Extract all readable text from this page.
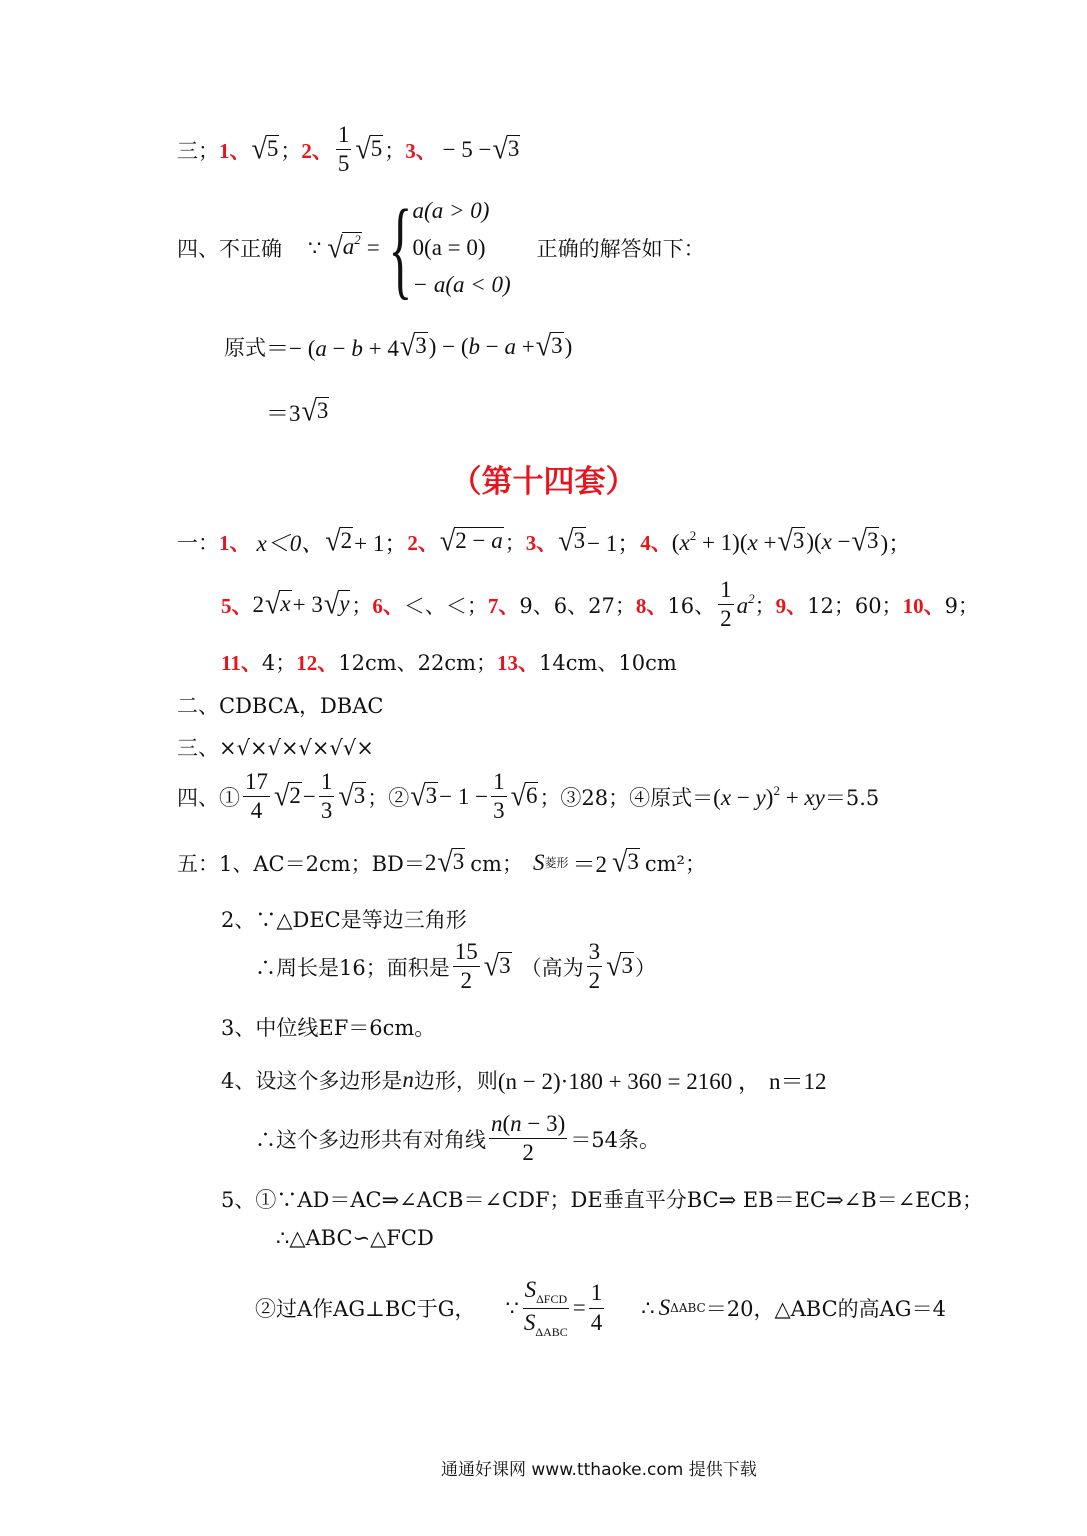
三； 1、 √ 5 ； 2、 $\frac{1}{5}$ √ 5 ； 3、 − 5 − √ 3
四、不正确 ∵ √ $a^2$ = { a(a > 0)
0(a = 0)
− a(a < 0)
正确的解答如下：
原式 ＝− (a − b + 4 √ 3 ) − (b − a + √ 3 )
＝3 √ 3
（第十四套）
一： 1、 x＜0、 √ 2 + 1； 2、 √ 2 − a ； 3、 √ 3 − 1； 4、 $(x^2 + 1)(x$ + √ 3 )(x − √ 3 )；
5、 2 √ x + 3 √ y ； 6、 ＜、＜； 7、 9、6、27； 8、 16、 $\frac{1}{2} a^2$ ； 9、 12；60； 10、 9；
11、 4； 12、 12cm、22cm； 13、 14cm、10cm
二、CDBCA，DBAC
三、×√×√×√×√√×
四、① $\frac{17}{4}$ √ $2 - \frac{1}{3}$ √ 3 ；② √ $3 - 1 - \frac{1}{3}$ √ 6 ；③28；④原式＝ $(x - y)^2$ + xy ＝5.5
五：1、AC＝2cm；BD＝ 2 √ 3 cm； S 菱形 ＝2 √ 3 cm²；
2、∵△DEC是等边三角形
∴周长是16；面积是 $\frac{15}{2}$ √ 3 （高为 $\frac{3}{2}$ √ 3 ）
3、中位线EF＝6cm。
4、设这个多边形是 n 边形，则 (n − 2)·180 + 360 = 2160 ， n＝12
∴这个多边形共有对角线 $\frac{n(n - 3)}{2} =54$条。
5、①∵AD＝AC⇒∠ACB＝∠CDF；DE垂直平分BC⇒ EB＝EC⇒∠B＝∠ECB；
∴△ABC∽△FCD
②过A作AG⊥BC于G， ∵ $\frac{S_{\Delta FCD}}{S_{\Delta ABC}} = \frac{1}{4}$ ∴ S ΔABC ＝20，△ABC的高AG＝4
通通好课网 www.tthaoke.com 提供下载
